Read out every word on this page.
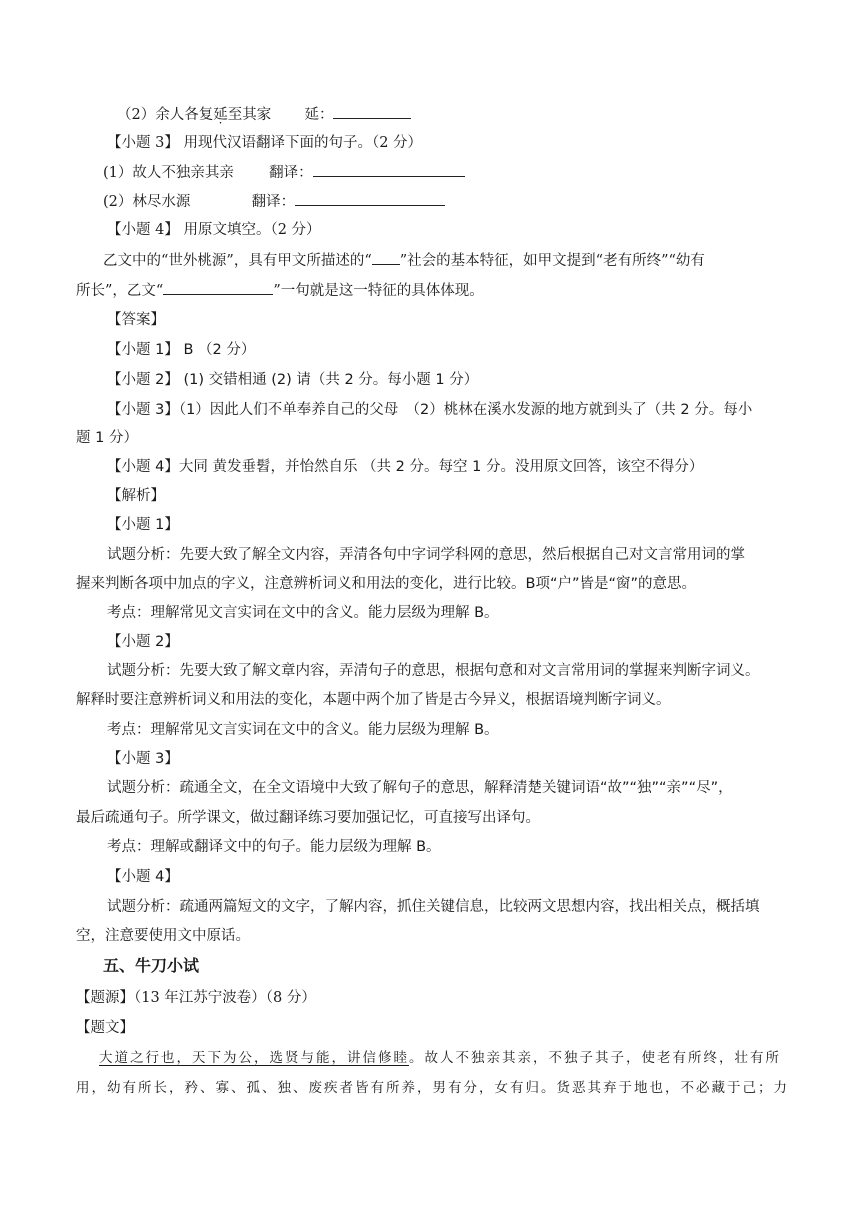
（2）余人各复延至其家 延：
【小题 3】 用现代汉语翻译下面的句子。（2 分）
(1）故人不独亲其亲 翻译：
(2）林尽水源	翻译：
【小题 4】 用原文填空。（2 分）
乙文中的“世外桃源”，具有甲文所描述的“ ”社会的基本特征，如甲文提到“老有所终”“幼有
所长”，乙文“	”一句就是这一特征的具体体现。
【答案】
【小题 1】 B （2 分）
【小题 2】 (1) 交错相通 (2) 请（共 2 分。每小题 1 分）
【小题 3】（1）因此人们不单奉养自己的父母　（2）桃林在溪水发源的地方就到头了（共 2 分。每小
题 1 分）
【小题 4】大同 黄发垂髫，并怡然自乐 （共 2 分。每空 1 分。没用原文回答，该空不得分）
【解析】
【小题 1】
试题分析：先要大致了解全文内容，弄清各句中字词学科网的意思，然后根据自己对文言常用词的掌
握来判断各项中加点的字义，注意辨析词义和用法的变化，进行比较。B项“户”皆是“窗”的意思。
考点：理解常见文言实词在文中的含义。能力层级为理解 B。
【小题 2】
试题分析：先要大致了解文章内容，弄清句子的意思，根据句意和对文言常用词的掌握来判断字词义。
解释时要注意辨析词义和用法的变化，本题中两个加了皆是古今异义，根据语境判断字词义。
考点：理解常见文言实词在文中的含义。能力层级为理解 B。
【小题 3】
试题分析：疏通全文，在全文语境中大致了解句子的意思，解释清楚关键词语“故”“独”“亲”“尽”，
最后疏通句子。所学课文，做过翻译练习要加强记忆，可直接写出译句。
考点：理解或翻译文中的句子。能力层级为理解 B。
【小题 4】
试题分析：疏通两篇短文的文字，了解内容，抓住关键信息，比较两文思想内容，找出相关点，概括填
空，注意要使用文中原话。
五、牛刀小试
【题源】（13 年江苏宁波卷）（8 分）
【题文】
大道之行也，天下为公，选贤与能，讲信修睦。故人不独亲其亲，不独子其子，使老有所终，壮有所
用，幼有所长，矜、寡、孤、独、废疾者皆有所养，男有分，女有归。货恶其弃于地也，不必藏于己；力
